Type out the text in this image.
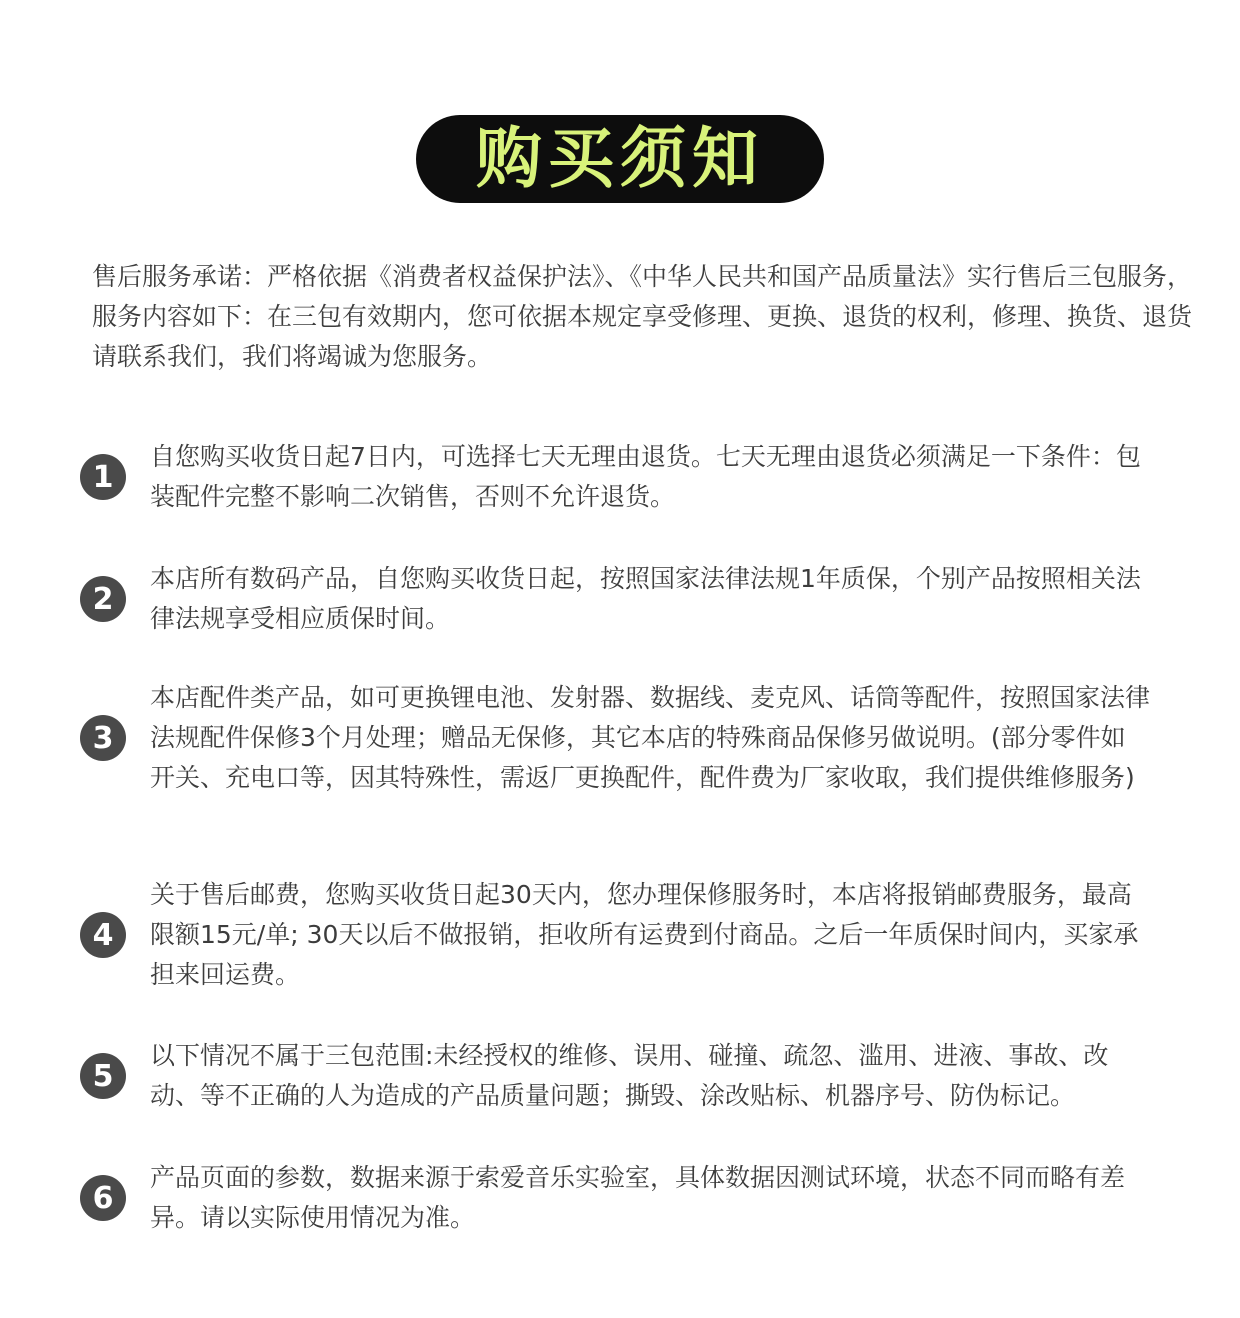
购买须知
售后服务承诺：严格依据《消费者权益保护法》、《中华人民共和国产品质量法》实行售后三包服务，服务内容如下：在三包有效期内，您可依据本规定享受修理、更换、退货的权利，修理、换货、退货请联系我们，我们将竭诚为您服务。
1
自您购买收货日起7日内，可选择七天无理由退货。七天无理由退货必须满足一下条件：包装配件完整不影响二次销售，否则不允许退货。
2
本店所有数码产品，自您购买收货日起，按照国家法律法规1年质保，个别产品按照相关法律法规享受相应质保时间。
3
本店配件类产品，如可更换锂电池、发射器、数据线、麦克风、话筒等配件，按照国家法律法规配件保修3个月处理；赠品无保修，其它本店的特殊商品保修另做说明。(部分零件如开关、充电口等，因其特殊性，需返厂更换配件，配件费为厂家收取，我们提供维修服务)
4
关于售后邮费，您购买收货日起30天内，您办理保修服务时，本店将报销邮费服务，最高限额15元/单; 30天以后不做报销，拒收所有运费到付商品。之后一年质保时间内，买家承担来回运费。
5
以下情况不属于三包范围:未经授权的维修、误用、碰撞、疏忽、滥用、进液、事故、改动、等不正确的人为造成的产品质量问题；撕毁、涂改贴标、机器序号、防伪标记。
6
产品页面的参数，数据来源于索爱音乐实验室，具体数据因测试环境，状态不同而略有差异。请以实际使用情况为准。
